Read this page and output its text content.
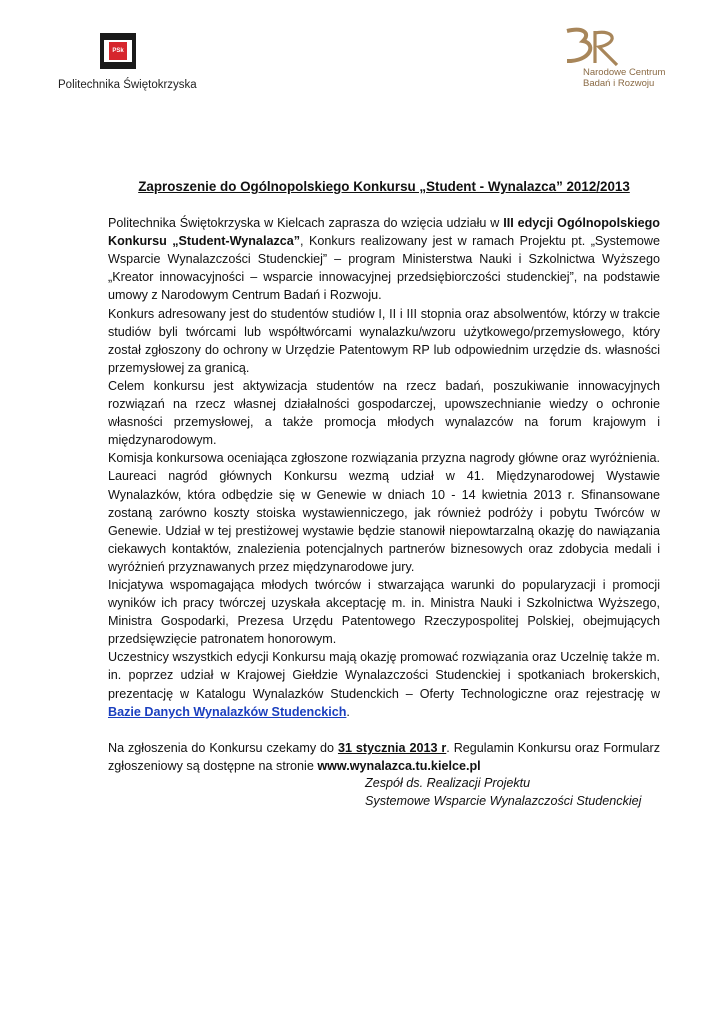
PSk
Politechnika Świętokrzyska
Narodowe Centrum
Badań i Rozwoju
Zaproszenie do Ogólnopolskiego Konkursu „Student - Wynalazca” 2012/2013

Politechnika Świętokrzyska w Kielcach zaprasza do wzięcia udziału w III edycji Ogólnopolskiego Konkursu „Student-Wynalazca”, Konkurs realizowany jest w ramach Projektu pt. „Systemowe Wsparcie Wynalazczości Studenckiej” – program Ministerstwa Nauki i Szkolnictwa Wyższego „Kreator innowacyjności – wsparcie innowacyjnej przedsiębiorczości studenckiej”, na podstawie umowy z Narodowym Centrum Badań i Rozwoju.

Konkurs adresowany jest do studentów studiów I, II i III stopnia oraz absolwentów, którzy w trakcie studiów byli twórcami lub współtwórcami wynalazku/wzoru użytkowego/przemysłowego, który został zgłoszony do ochrony w Urzędzie Patentowym RP lub odpowiednim urzędzie ds. własności przemysłowej za granicą.

Celem konkursu jest aktywizacja studentów na rzecz badań, poszukiwanie innowacyjnych rozwiązań na rzecz własnej działalności gospodarczej, upowszechnianie wiedzy o ochronie własności przemysłowej, a także promocja młodych wynalazców na forum krajowym i międzynarodowym.

Komisja konkursowa oceniająca zgłoszone rozwiązania przyzna nagrody główne oraz wyróżnienia. Laureaci nagród głównych Konkursu wezmą udział w 41. Międzynarodowej Wystawie Wynalazków, która odbędzie się w Genewie w dniach 10 - 14 kwietnia 2013 r. Sfinansowane zostaną zarówno koszty stoiska wystawienniczego, jak również podróży i pobytu Twórców w Genewie. Udział w tej prestiżowej wystawie będzie stanowił niepowtarzalną okazję do nawiązania ciekawych kontaktów, znalezienia potencjalnych partnerów biznesowych oraz zdobycia medali i wyróżnień przyznawanych przez międzynarodowe jury.

Inicjatywa wspomagająca młodych twórców i stwarzająca warunki do popularyzacji i promocji wyników ich pracy twórczej uzyskała akceptację m. in. Ministra Nauki i Szkolnictwa Wyższego, Ministra Gospodarki, Prezesa Urzędu Patentowego Rzeczypospolitej Polskiej, obejmujących przedsięwzięcie patronatem honorowym.

Uczestnicy wszystkich edycji Konkursu mają okazję promować rozwiązania oraz Uczelnię także m. in. poprzez udział w Krajowej Giełdzie Wynalazczości Studenckiej i spotkaniach brokerskich, prezentację w Katalogu Wynalazków Studenckich – Oferty Technologiczne oraz rejestrację w Bazie Danych Wynalazków Studenckich.

Na zgłoszenia do Konkursu czekamy do 31 stycznia 2013 r. Regulamin Konkursu oraz Formularz zgłoszeniowy są dostępne na stronie www.wynalazca.tu.kielce.pl

Zespół ds. Realizacji Projektu
Systemowe Wsparcie Wynalazczości Studenckiej
